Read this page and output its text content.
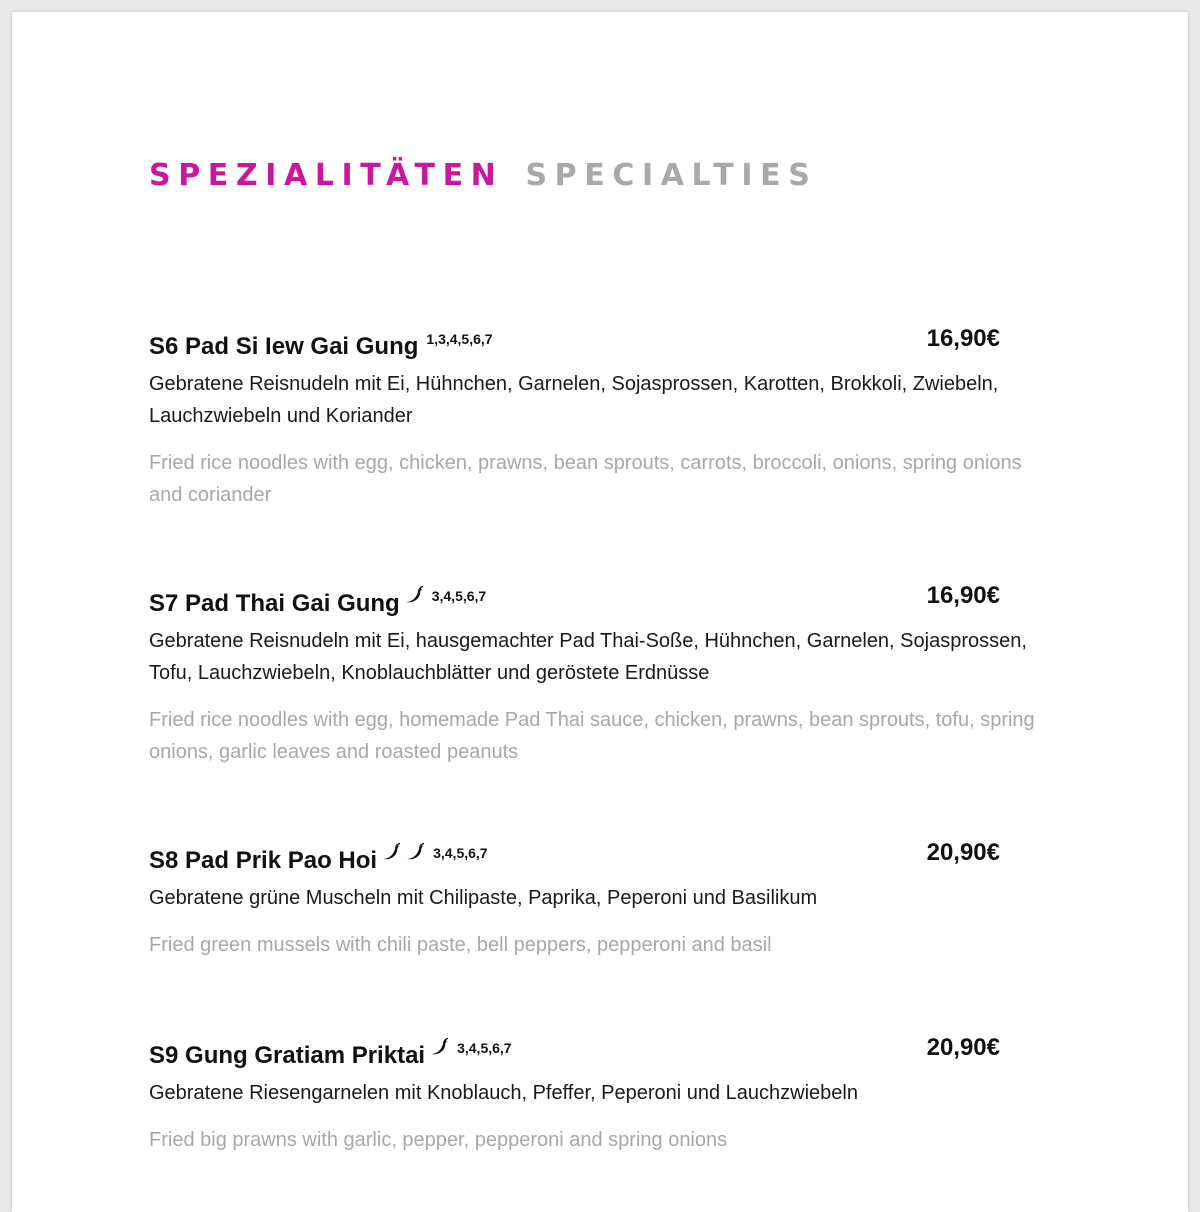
SPEZIALITÄTEN SPECIALTIES
S6 Pad Si Iew Gai Gung $^{1,3,4,5,6,7}$	16,90€
Gebratene Reisnudeln mit Ei, Hühnchen, Garnelen, Sojasprossen, Karotten, Brokkoli, Zwiebeln, Lauchzwiebeln und Koriander
Fried rice noodles with egg, chicken, prawns, bean sprouts, carrots, broccoli, onions, spring onions and coriander
S7 Pad Thai Gai Gung $^{3,4,5,6,7}$	16,90€
Gebratene Reisnudeln mit Ei, hausgemachter Pad Thai-Soße, Hühnchen, Garnelen, Sojasprossen, Tofu, Lauchzwiebeln, Knoblauchblätter und geröstete Erdnüsse
Fried rice noodles with egg, homemade Pad Thai sauce, chicken, prawns, bean sprouts, tofu, spring onions, garlic leaves and roasted peanuts
S8 Pad Prik Pao Hoi	$^{3,4,5,6,7}$	20,90€
Gebratene grüne Muscheln mit Chilipaste, Paprika, Peperoni und Basilikum
Fried green mussels with chili paste, bell peppers, pepperoni and basil
S9 Gung Gratiam Priktai $^{3,4,5,6,7}$	20,90€
Gebratene Riesengarnelen mit Knoblauch, Pfeffer, Peperoni und Lauchzwiebeln
Fried big prawns with garlic, pepper, pepperoni and spring onions
